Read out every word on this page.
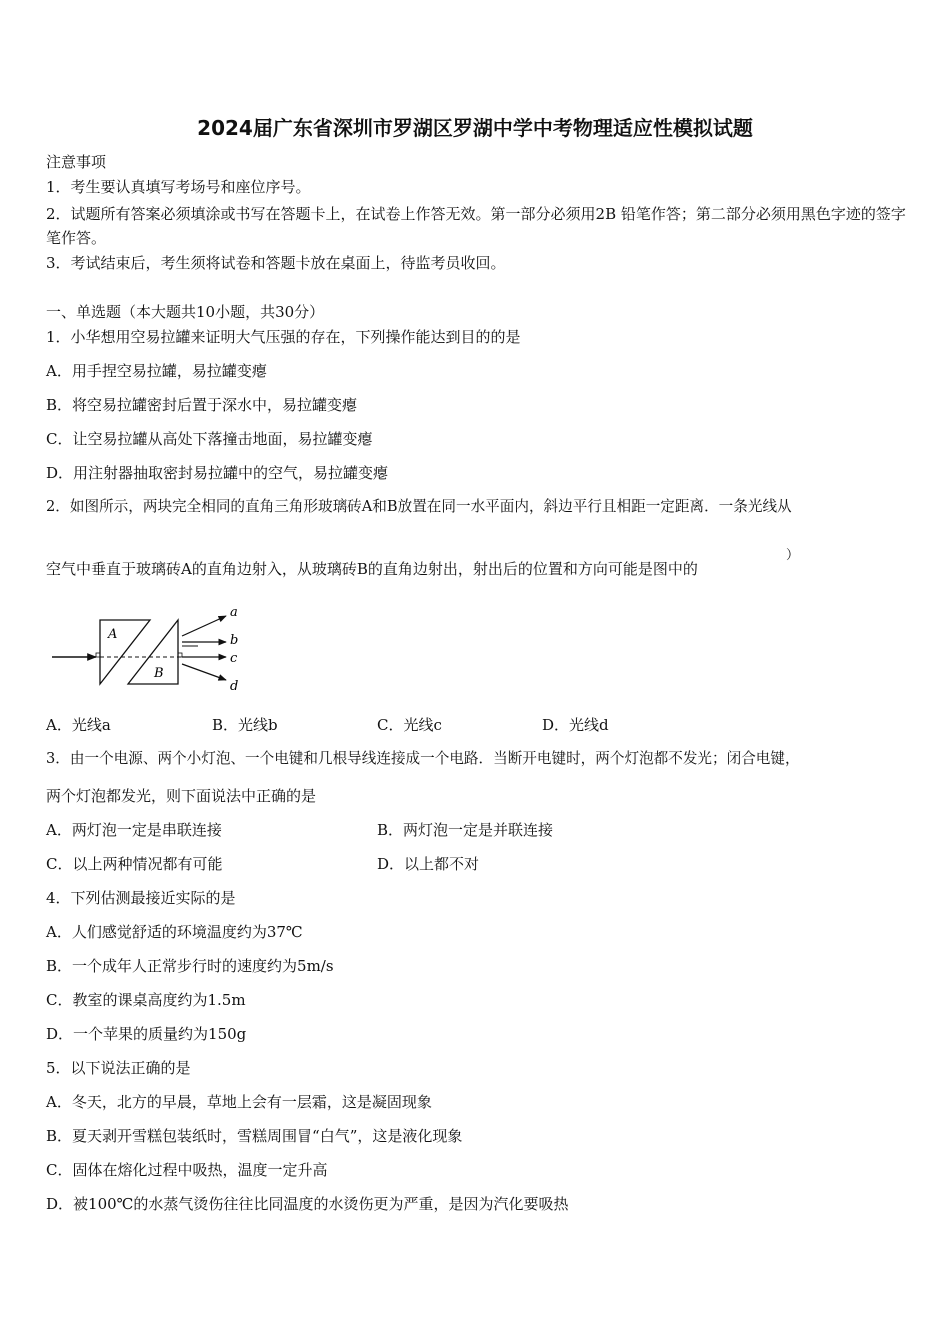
2024届广东省深圳市罗湖区罗湖中学中考物理适应性模拟试题
注意事项
1．考生要认真填写考场号和座位序号。
2．试题所有答案必须填涂或书写在答题卡上，在试卷上作答无效。第一部分必须用2B 铅笔作答；第二部分必须用黑色字迹的签字笔作答。
3．考试结束后，考生须将试卷和答题卡放在桌面上，待监考员收回。
一、单选题（本大题共10小题，共30分）
1．小华想用空易拉罐来证明大气压强的存在，下列操作能达到目的的是
A．用手捏空易拉罐，易拉罐变瘪
B．将空易拉罐密封后置于深水中，易拉罐变瘪
C．让空易拉罐从高处下落撞击地面，易拉罐变瘪
D．用注射器抽取密封易拉罐中的空气，易拉罐变瘪
2．如图所示，两块完全相同的直角三角形玻璃砖A和B放置在同一水平面内，斜边平行且相距一定距离．一条光线从
空气中垂直于玻璃砖A的直角边射入，从玻璃砖B的直角边射出，射出后的位置和方向可能是图中的
）
A
B
a
b
c
d
A．光线a	B．光线b	C．光线c	D．光线d
3．由一个电源、两个小灯泡、一个电键和几根导线连接成一个电路．当断开电键时，两个灯泡都不发光；闭合电键，
两个灯泡都发光，则下面说法中正确的是
A．两灯泡一定是串联连接	B．两灯泡一定是并联连接
C．以上两种情况都有可能	D．以上都不对
4．下列估测最接近实际的是
A．人们感觉舒适的环境温度约为37℃
B．一个成年人正常步行时的速度约为5m/s
C．教室的课桌高度约为1.5m
D．一个苹果的质量约为150g
5．以下说法正确的是
A．冬天，北方的早晨，草地上会有一层霜，这是凝固现象
B．夏天剥开雪糕包装纸时，雪糕周围冒“白气”，这是液化现象
C．固体在熔化过程中吸热，温度一定升高
D．被100℃的水蒸气烫伤往往比同温度的水烫伤更为严重，是因为汽化要吸热
